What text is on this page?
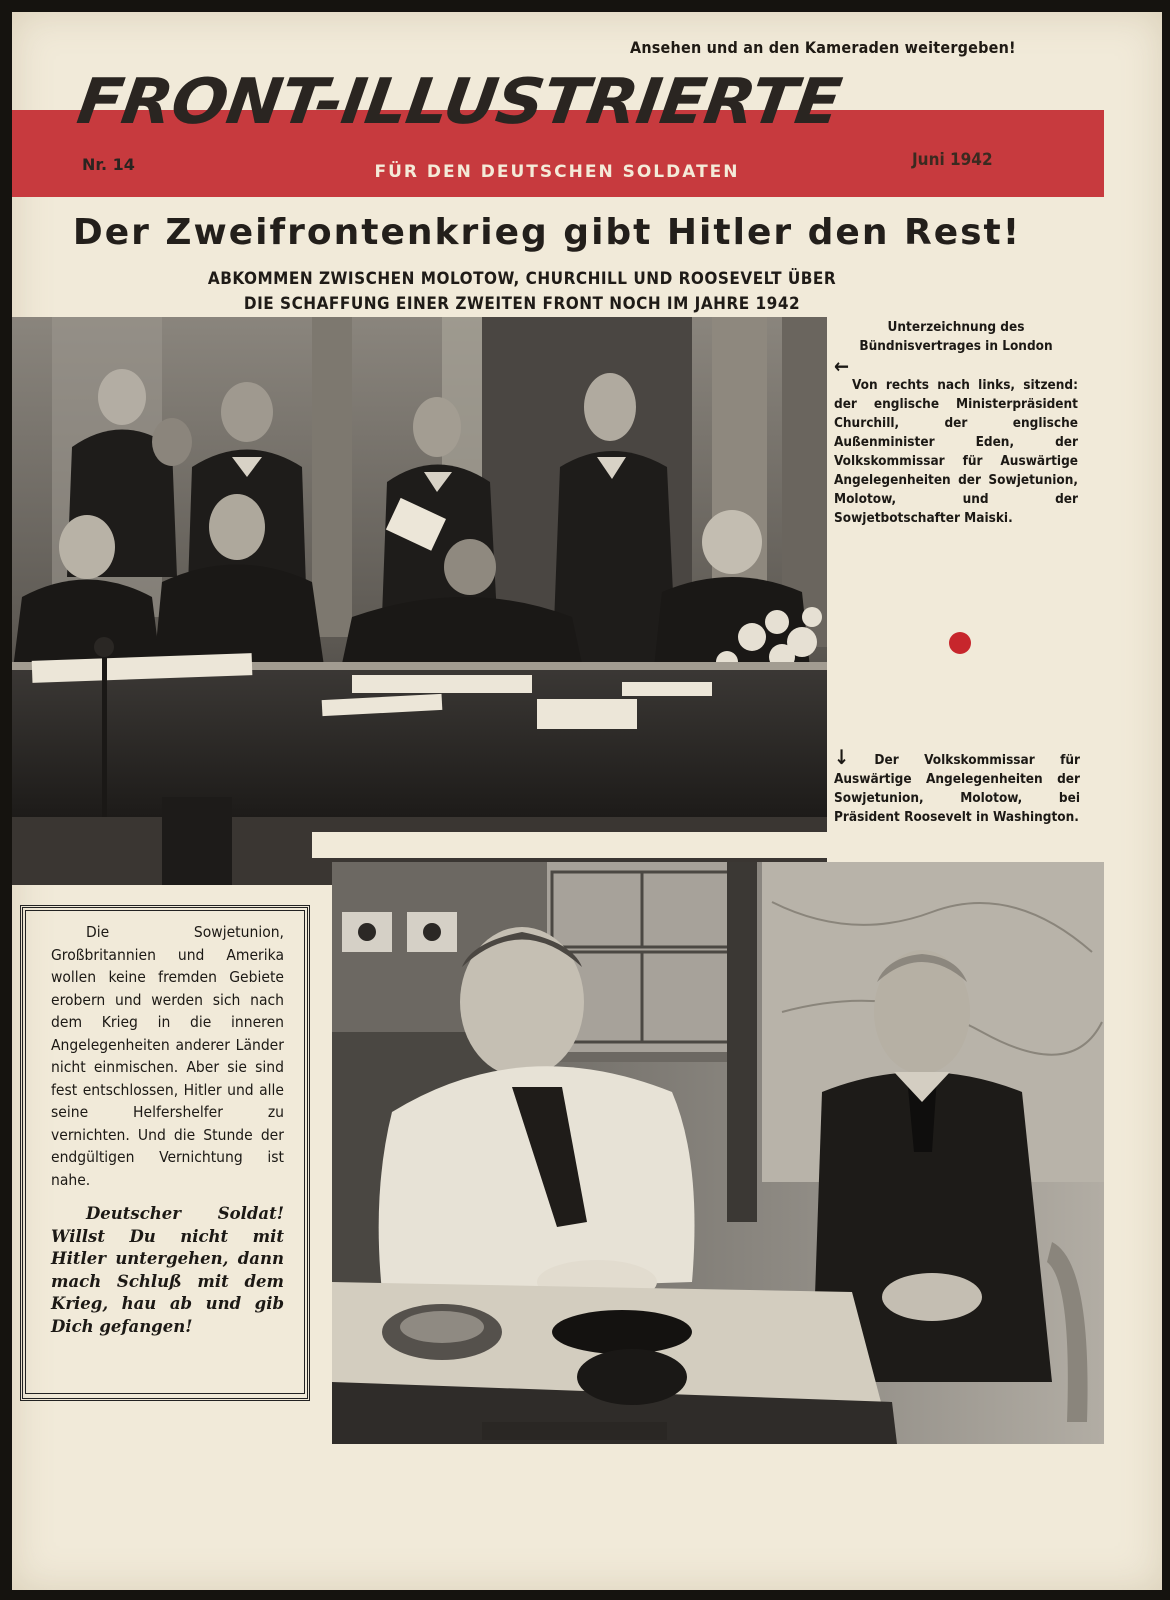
Ansehen und an den Kameraden weitergeben!
FRONT-ILLUSTRIERTE
Nr. 14	FÜR DEN DEUTSCHEN SOLDATEN
Juni 1942
Der Zweifrontenkrieg gibt Hitler den Rest!
ABKOMMEN ZWISCHEN MOLOTOW, CHURCHILL UND ROOSEVELT ÜBER
DIE SCHAFFUNG EINER ZWEITEN FRONT NOCH IM JAHRE 1942
Unterzeichnung des Bündnisvertrages in London
←
Von rechts nach links, sitzend: der englische Ministerpräsident Churchill, der englische Außenminister Eden, der Volkskommissar für Auswärtige Angelegenheiten der Sowjetunion, Molotow, und der Sowjetbotschafter Maiski.
↓ Der Volkskommissar für Auswärtige Angelegenheiten der Sowjetunion, Molotow, bei Präsident Roosevelt in Washington.
Die Sowjetunion, Großbritannien und Amerika wollen keine fremden Gebiete erobern und werden sich nach dem Krieg in die inneren Angelegenheiten anderer Länder nicht einmischen. Aber sie sind fest entschlossen, Hitler und alle seine Helfershelfer zu vernichten. Und die Stunde der endgültigen Vernichtung ist nahe.
Deutscher Soldat! Willst Du nicht mit Hitler untergehen, dann mach Schluß mit dem Krieg, hau ab und gib Dich gefangen!
